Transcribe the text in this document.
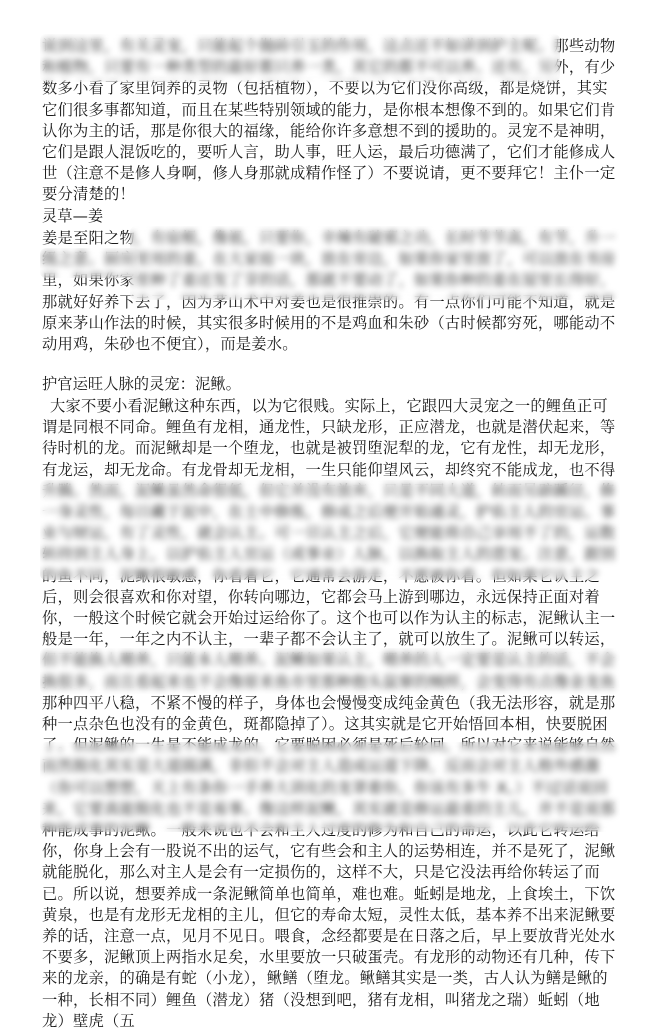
说到这里，有关灵宠，只能起个抛砖引玉的作用，这点还不如讲到护主呢。那些动物和植物，只要有一种类型的最好都只养一类，其它的都不可以养。还有，另外，有少数多小看了家里饲养的灵物（包括植物），不要以为它们没你高级，都是烧饼，其实它们很多事都知道，而且在某些特别领域的能力，是你根本想像不到的。如果它们肯认你为主的话，那是你很大的福缘，能给你许多意想不到的援助的。灵宠不是神明，它们是跟人混饭吃的，要听人言，助人事，旺人运，最后功德满了，它们才能修成人世（注意不是修人身啊，修人身那就成精作怪了）不要说请，更不要拜它！主仆一定要分清楚的！

灵草—姜

姜是至阳之物，有宿根，像祖，只要你，辛辣有破邪之功，长时节节高，有节，升一级之意。厨房里用的姜，在大家庭一块，放在旁边，如果你家里放了，可以放在书房里，如果你家里种了姜还发了芽的话，那就不要动了，如果你种的姜在屋里长得好，那就好好养下去了，因为茅山术中对姜也是很推崇的。有一点你们可能不知道，就是原来茅山作法的时候，其实很多时候用的不是鸡血和朱砂（古时候都穷死，哪能动不动用鸡，朱砂也不便宜），而是姜水。

护官运旺人脉的灵宠：泥鳅。

大家不要小看泥鳅这种东西，以为它很贱。实际上，它跟四大灵宠之一的鲤鱼正可谓是同根不同命。鲤鱼有龙相，通龙性，只缺龙形，正应潜龙，也就是潜伏起来，等待时机的龙。而泥鳅却是一个堕龙，也就是被罚堕泥犁的龙，它有龙性，却无龙形，有龙运，却无龙命。有龙骨却无龙相，一生只能仰望风云，却终究不能成龙，也不得升腾。然而，泥鳅虽然命很低，但它并没有放弃，只是不同大道，转而另辟蹊径，修一身灵性，每日藏于泥中，在土中修炼，修成之后便开始通灵，护佑主人的官运、事业与财运，有了灵性，就会认主。可一旦认主之后，它便能将自己享用不了的，运数转持到主人身上，以护佑主人官运（或事业）人脉，以换取主人的恩宠。注意，跟别的鱼不同，泥鳅很敏感，你看着它，它通常会游走，不愿被你看。但如果它认主之后，则会很喜欢和你对望，你转向哪边，它都会马上游到哪边，永远保持正面对着你，一般这个时候它就会开始过运给你了。这个也可以作为认主的标志，泥鳅认主一般是一年，一年之内不认主，一辈子都不会认主了，就可以放生了。泥鳅可以转运，但不能换人喂养，只能本人喂养。泥鳅如果认主，喂养的人一定要是认主的话，不会换很多，而且看起来也不会像原来鱼市里那种抱头鼠窜的贼样，会变得有点像金龙鱼那种四平八稳，不紧不慢的样子，身体也会慢慢变成纯金黄色（我无法形容，就是那种一点杂色也没有的金黄色，斑都隐掉了）。这其实就是它开始悟回本相，快要脱困了。但泥鳅的一生是不能成龙的，它要脱困必须是死后轮回，所以对它来说能够自然而然脱化其实是大道圆满，非但不会对主人造成运道下降，反而会对主人格外感激（你可以想想，天上有条你一手养大训化的龙罩着你，你该有多牛 X。）不过话说回来，它要真能脱化也不是易事。像这样泥鳅，其实就是修运最重的主儿，并不是说那种能成事的泥鳅。一般来说也不会和主人过度的修为和自己的命运，以此它转运给你，你身上会有一股说不出的运气，它有些会和主人的运势相连，并不是死了，泥鳅就能脱化，那么对主人是会有一定损伤的，这样不大，只是它没法再给你转运了而已。所以说，想要养成一条泥鳅简单也简单，难也难。蚯蚓是地龙，上食埃土，下饮黄泉，也是有龙形无龙相的主儿，但它的寿命太短，灵性太低，基本养不出来泥鳅要养的话，注意一点，见月不见日。喂食，念经都要是在日落之后，早上要放背光处水不要多，泥鳅顶上两指水足矣，水里要放一只破蛋壳。有龙形的动物还有几种，传下来的龙亲，的确是有蛇（小龙），鳅鳝（堕龙。鳅鳝其实是一类，古人认为鳝是鳅的一种，长相不同）鲤鱼（潜龙）猪（没想到吧，猪有龙相，叫猪龙之瑞）蚯蚓（地龙）壁虎（五
